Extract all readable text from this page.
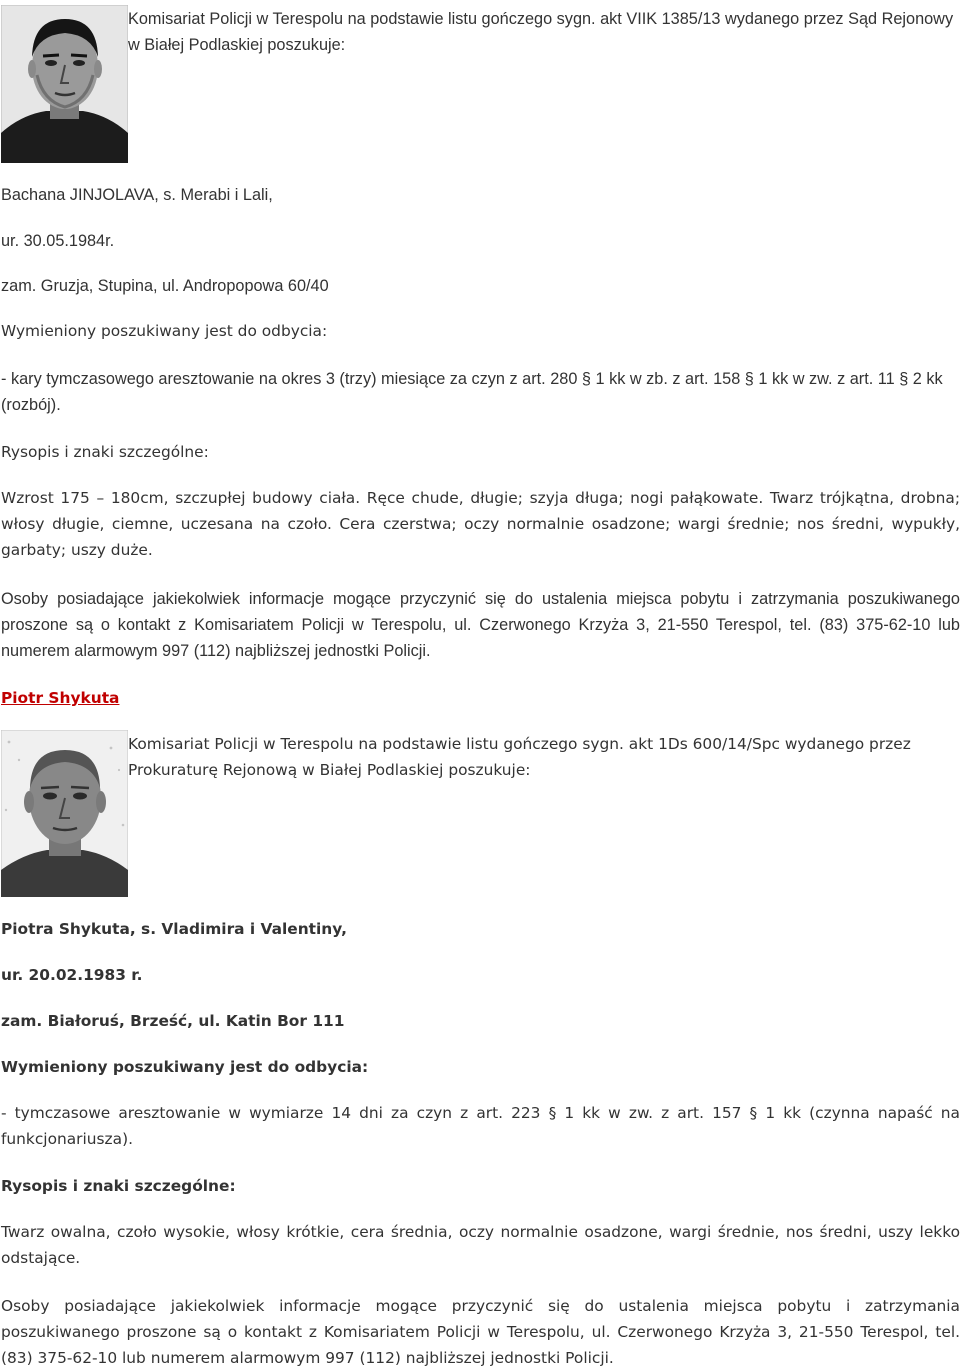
Komisariat Policji w Terespolu na podstawie listu gończego sygn. akt VIIK 1385/13 wydanego przez Sąd Rejonowy w Białej Podlaskiej poszukuje:

Bachana JINJOLAVA, s. Merabi i Lali,

ur. 30.05.1984r.

zam. Gruzja, Stupina, ul. Andropopowa 60/40

Wymieniony poszukiwany jest do odbycia:

- kary tymczasowego aresztowanie na okres 3 (trzy) miesiące za czyn z art. 280 § 1 kk w zb. z art. 158 § 1 kk w zw. z art. 11 § 2 kk (rozbój).

Rysopis i znaki szczególne:

Wzrost 175 – 180cm, szczupłej budowy ciała. Ręce chude, długie; szyja długa; nogi pałąkowate. Twarz trójkątna, drobna; włosy długie, ciemne, uczesana na czoło. Cera czerstwa; oczy normalnie osadzone; wargi średnie; nos średni, wypukły, garbaty; uszy duże.

Osoby posiadające jakiekolwiek informacje mogące przyczynić się do ustalenia miejsca pobytu i zatrzymania poszukiwanego proszone są o kontakt z Komisariatem Policji w Terespolu, ul. Czerwonego Krzyża 3, 21-550 Terespol, tel. (83) 375-62-10 lub numerem alarmowym 997 (112) najbliższej jednostki Policji.

Piotr Shykuta

Komisariat Policji w Terespolu na podstawie listu gończego sygn. akt 1Ds 600/14/Spc wydanego przez Prokuraturę Rejonową w Białej Podlaskiej poszukuje:

Piotra Shykuta, s. Vladimira i Valentiny,

ur. 20.02.1983 r.

zam. Białoruś, Brześć, ul. Katin Bor 111

Wymieniony poszukiwany jest do odbycia:

- tymczasowe aresztowanie w wymiarze 14 dni za czyn z art. 223 § 1 kk w zw. z art. 157 § 1 kk (czynna napaść na funkcjonariusza).

Rysopis i znaki szczególne:

Twarz owalna, czoło wysokie, włosy krótkie, cera średnia, oczy normalnie osadzone, wargi średnie, nos średni, uszy lekko odstające.

Osoby posiadające jakiekolwiek informacje mogące przyczynić się do ustalenia miejsca pobytu i zatrzymania poszukiwanego proszone są o kontakt z Komisariatem Policji w Terespolu, ul. Czerwonego Krzyża 3, 21-550 Terespol, tel. (83) 375-62-10 lub numerem alarmowym 997 (112) najbliższej jednostki Policji.
